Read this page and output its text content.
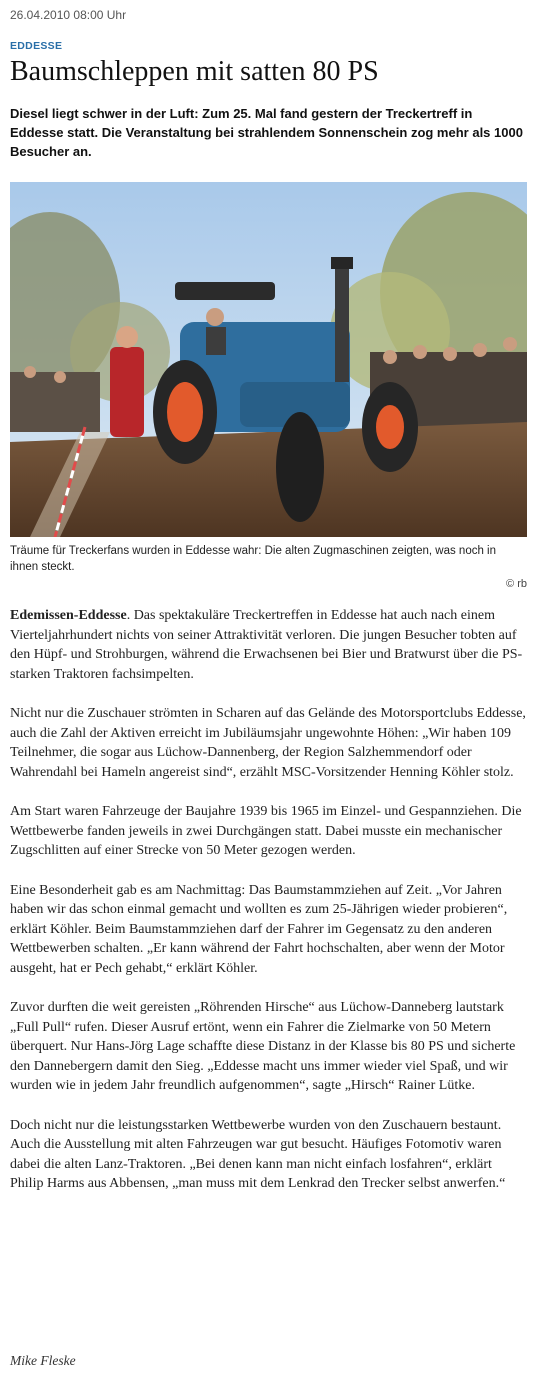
26.04.2010 08:00 Uhr
EDDESSE
Baumschleppen mit satten 80 PS

Diesel liegt schwer in der Luft: Zum 25. Mal fand gestern der Treckertreff in Eddesse statt. Die Veranstaltung bei strahlendem Sonnenschein zog mehr als 1000 Besucher an.

Träume für Treckerfans wurden in Eddesse wahr: Die alten Zugmaschinen zeigten, was noch in ihnen steckt.

© rb

Edemissen-Eddesse. Das spektakuläre Treckertreffen in Eddesse hat auch nach einem Vierteljahrhundert nichts von seiner Attraktivität verloren. Die jungen Besucher tobten auf den Hüpf- und Strohburgen, während die Erwachsenen bei Bier und Bratwurst über die PS-starken Traktoren fachsimpelten.

Nicht nur die Zuschauer strömten in Scharen auf das Gelände des Motorsportclubs Eddesse, auch die Zahl der Aktiven erreicht im Jubiläumsjahr ungewohnte Höhen: „Wir haben 109 Teilnehmer, die sogar aus Lüchow-Dannenberg, der Region Salzhemmendorf oder Wahrendahl bei Hameln angereist sind“, erzählt MSC-Vorsitzender Henning Köhler stolz.

Am Start waren Fahrzeuge der Baujahre 1939 bis 1965 im Einzel- und Gespannziehen. Die Wettbewerbe fanden jeweils in zwei Durchgängen statt. Dabei musste ein mechanischer Zugschlitten auf einer Strecke von 50 Meter gezogen werden.

Eine Besonderheit gab es am Nachmittag: Das Baumstammziehen auf Zeit. „Vor Jahren haben wir das schon einmal gemacht und wollten es zum 25-Jährigen wieder probieren“, erklärt Köhler. Beim Baumstammziehen darf der Fahrer im Gegensatz zu den anderen Wettbewerben schalten. „Er kann während der Fahrt hochschalten, aber wenn der Motor ausgeht, hat er Pech gehabt,“ erklärt Köhler.

Zuvor durften die weit gereisten „Röhrenden Hirsche“ aus Lüchow-Danneberg lautstark „Full Pull“ rufen. Dieser Ausruf ertönt, wenn ein Fahrer die Zielmarke von 50 Metern überquert. Nur Hans-Jörg Lage schaffte diese Distanz in der Klasse bis 80 PS und sicherte den Dannebergern damit den Sieg. „Eddesse macht uns immer wieder viel Spaß, und wir wurden wie in jedem Jahr freundlich aufgenommen“, sagte „Hirsch“ Rainer Lütke.

Doch nicht nur die leistungsstarken Wettbewerbe wurden von den Zuschauern bestaunt. Auch die Ausstellung mit alten Fahrzeugen war gut besucht. Häufiges Fotomotiv waren dabei die alten Lanz-Traktoren. „Bei denen kann man nicht einfach losfahren“, erklärt Philip Harms aus Abbensen, „man muss mit dem Lenkrad den Trecker selbst anwerfen.“

Mike Fleske
